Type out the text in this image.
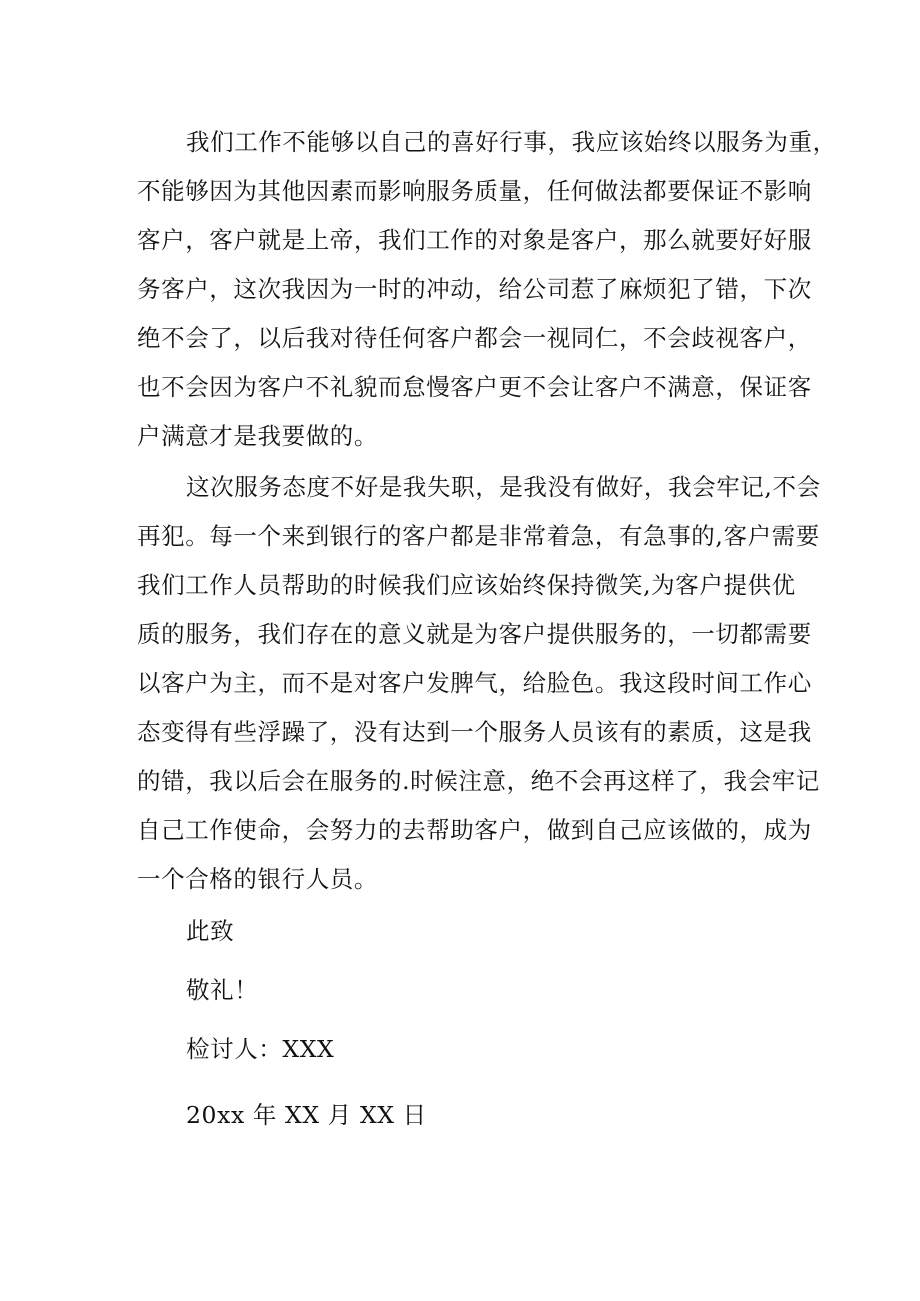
我们工作不能够以自己的喜好行事，我应该始终以服务为重，
不能够因为其他因素而影响服务质量，任何做法都要保证不影响
客户，客户就是上帝，我们工作的对象是客户，那么就要好好服
务客户，这次我因为一时的冲动，给公司惹了麻烦犯了错，下次
绝不会了，以后我对待任何客户都会一视同仁，不会歧视客户，
也不会因为客户不礼貌而怠慢客户更不会让客户不满意，保证客
户满意才是我要做的。
这次服务态度不好是我失职，是我没有做好，我会牢记,不会
再犯。每一个来到银行的客户都是非常着急，有急事的,客户需要
我们工作人员帮助的时候我们应该始终保持微笑,为客户提供优
质的服务，我们存在的意义就是为客户提供服务的，一切都需要
以客户为主，而不是对客户发脾气，给脸色。我这段时间工作心
态变得有些浮躁了，没有达到一个服务人员该有的素质，这是我
的错，我以后会在服务的.时候注意，绝不会再这样了，我会牢记
自己工作使命，会努力的去帮助客户，做到自己应该做的，成为
一个合格的银行人员。

此致

敬礼！

检讨人：XXX

20xx 年 XX 月 XX 日
